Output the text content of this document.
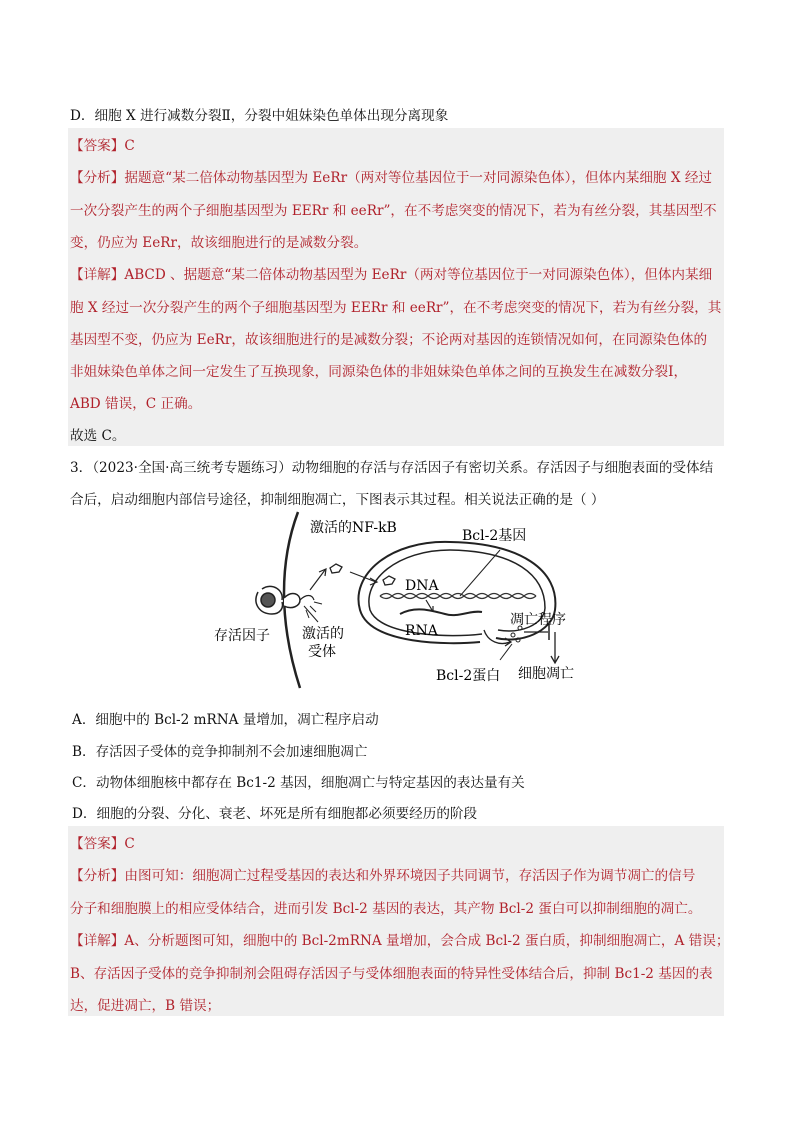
D．细胞 X 进行减数分裂Ⅱ，分裂中姐妹染色单体出现分离现象
【答案】C
【分析】据题意“某二倍体动物基因型为 EeRr（两对等位基因位于一对同源染色体），但体内某细胞 X 经过
一次分裂产生的两个子细胞基因型为 EERr 和 eeRr”，在不考虑突变的情况下，若为有丝分裂，其基因型不
变，仍应为 EeRr，故该细胞进行的是减数分裂。
【详解】ABCD 、据题意“某二倍体动物基因型为 EeRr（两对等位基因位于一对同源染色体），但体内某细
胞 X 经过一次分裂产生的两个子细胞基因型为 EERr 和 eeRr”，在不考虑突变的情况下，若为有丝分裂，其
基因型不变，仍应为 EeRr，故该细胞进行的是减数分裂；不论两对基因的连锁情况如何，在同源染色体的
非姐妹染色单体之间一定发生了互换现象，同源染色体的非姐妹染色单体之间的互换发生在减数分裂Ⅰ，
ABD 错误，C 正确。
故选 C。
3．（2023·全国·高三统考专题练习）动物细胞的存活与存活因子有密切关系。存活因子与细胞表面的受体结
合后，启动细胞内部信号途径，抑制细胞凋亡，下图表示其过程。相关说法正确的是（ ）
激活的NF-kB	Bcl-2基因
DNA
RNA
凋亡程序
存活因子 激活的
受体
Bcl-2蛋白 细胞凋亡
A．细胞中的 Bcl-2 mRNA 量增加，凋亡程序启动
B．存活因子受体的竞争抑制剂不会加速细胞凋亡
C．动物体细胞核中都存在 Bc1-2 基因，细胞凋亡与特定基因的表达量有关
D．细胞的分裂、分化、衰老、坏死是所有细胞都必须要经历的阶段
【答案】C
【分析】由图可知：细胞凋亡过程受基因的表达和外界环境因子共同调节，存活因子作为调节凋亡的信号
分子和细胞膜上的相应受体结合，进而引发 Bcl-2 基因的表达，其产物 Bcl-2 蛋白可以抑制细胞的凋亡。
【详解】A、分析题图可知，细胞中的 Bcl-2mRNA 量增加，会合成 Bcl-2 蛋白质，抑制细胞凋亡，A 错误；
B、存活因子受体的竞争抑制剂会阻碍存活因子与受体细胞表面的特异性受体结合后，抑制 Bc1-2 基因的表
达，促进凋亡，B 错误；
